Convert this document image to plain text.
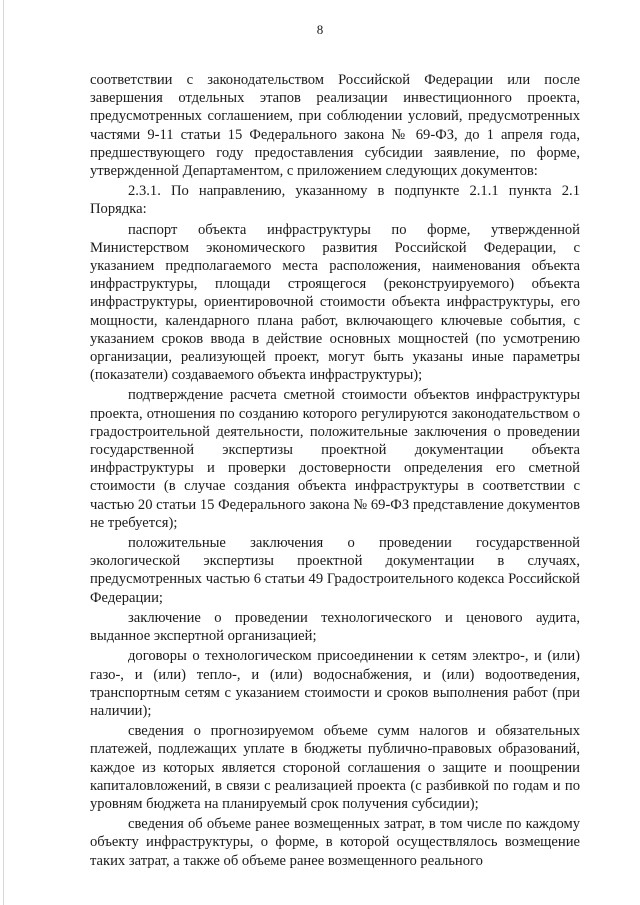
8

соответствии с законодательством Российской Федерации или после завершения отдельных этапов реализации инвестиционного проекта, предусмотренных соглашением, при соблюдении условий, предусмотренных частями 9-11 статьи 15 Федерального закона № 69-ФЗ, до 1 апреля года, предшествующего году предоставления субсидии заявление, по форме, утвержденной Департаментом, с приложением следующих документов:

2.3.1. По направлению, указанному в подпункте 2.1.1 пункта 2.1 Порядка:

паспорт объекта инфраструктуры по форме, утвержденной Министерством экономического развития Российской Федерации, с указанием предполагаемого места расположения, наименования объекта инфраструктуры, площади строящегося (реконструируемого) объекта инфраструктуры, ориентировочной стоимости объекта инфраструктуры, его мощности, календарного плана работ, включающего ключевые события, с указанием сроков ввода в действие основных мощностей (по усмотрению организации, реализующей проект, могут быть указаны иные параметры (показатели) создаваемого объекта инфраструктуры);

подтверждение расчета сметной стоимости объектов инфраструктуры проекта, отношения по созданию которого регулируются законодательством о градостроительной деятельности, положительные заключения о проведении государственной экспертизы проектной документации объекта инфраструктуры и проверки достоверности определения его сметной стоимости (в случае создания объекта инфраструктуры в соответствии с частью 20 статьи 15 Федерального закона № 69-ФЗ представление документов не требуется);

положительные заключения о проведении государственной экологической экспертизы проектной документации в случаях, предусмотренных частью 6 статьи 49 Градостроительного кодекса Российской Федерации;

заключение о проведении технологического и ценового аудита, выданное экспертной организацией;

договоры о технологическом присоединении к сетям электро-, и (или) газо-, и (или) тепло-, и (или) водоснабжения, и (или) водоотведения, транспортным сетям с указанием стоимости и сроков выполнения работ (при наличии);

сведения о прогнозируемом объеме сумм налогов и обязательных платежей, подлежащих уплате в бюджеты публично-правовых образований, каждое из которых является стороной соглашения о защите и поощрении капиталовложений, в связи с реализацией проекта (с разбивкой по годам и по уровням бюджета на планируемый срок получения субсидии);

сведения об объеме ранее возмещенных затрат, в том числе по каждому объекту инфраструктуры, о форме, в которой осуществлялось возмещение таких затрат, а также об объеме ранее возмещенного реального
